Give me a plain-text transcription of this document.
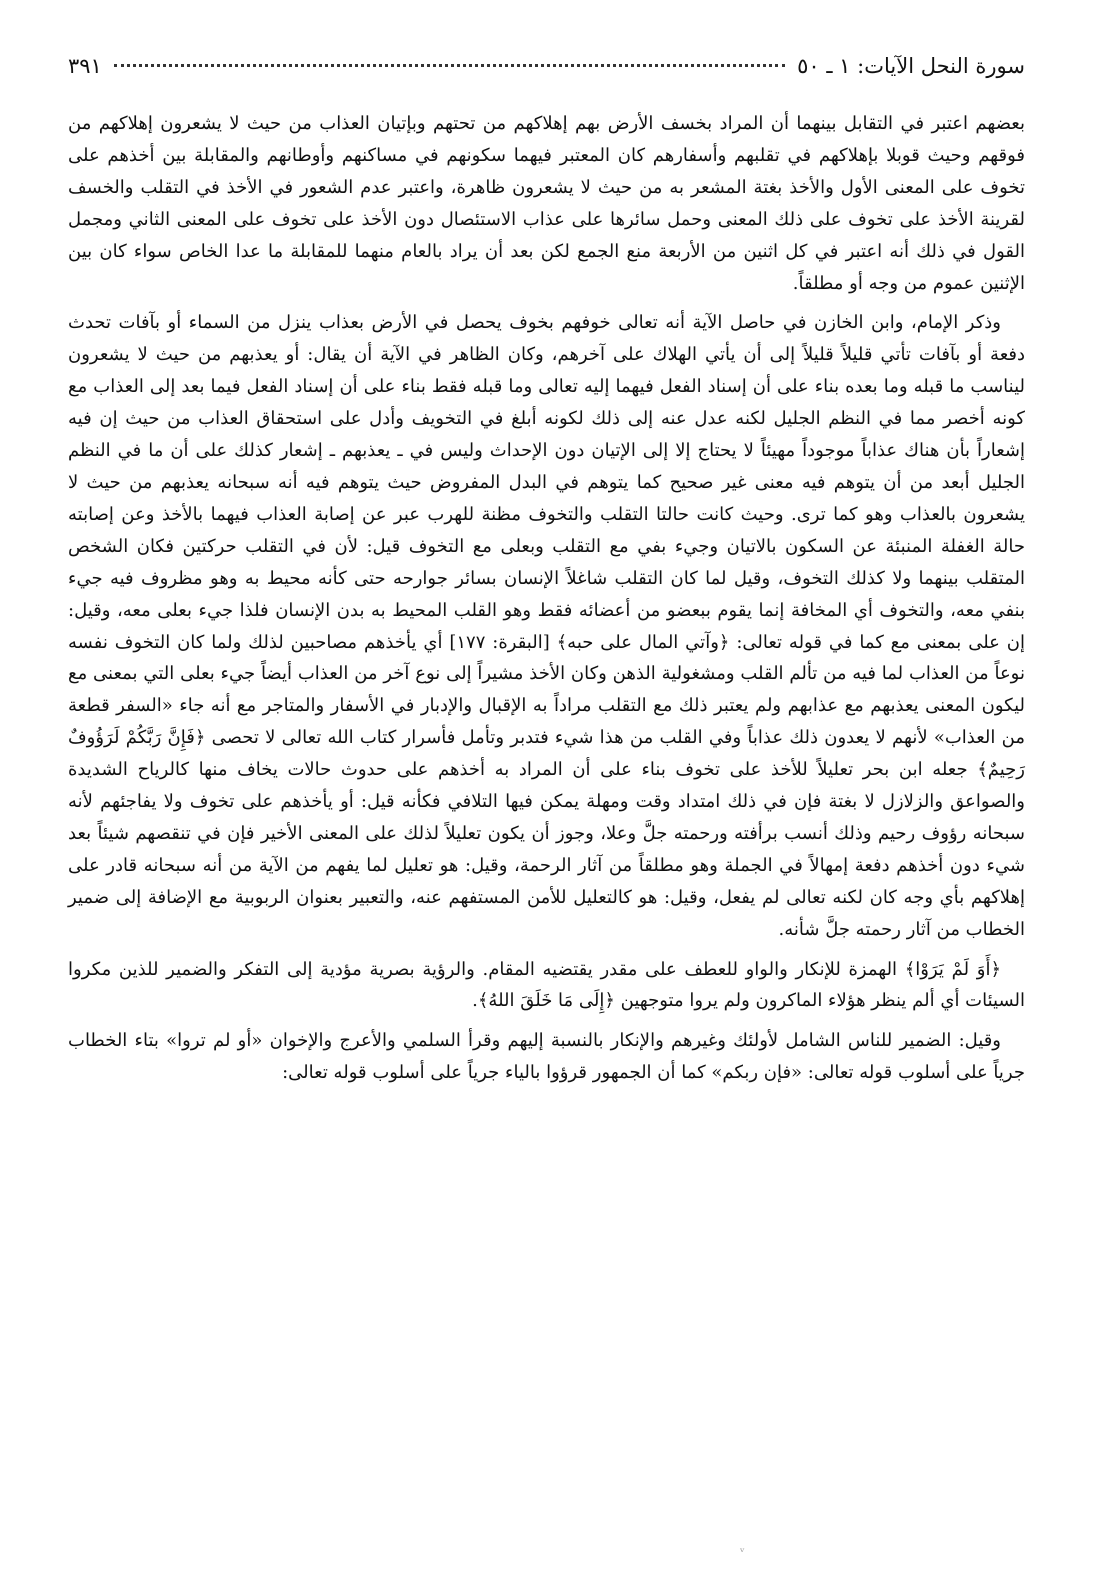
سورة النحل الآيات: ١ ـ ٥٠
٣٩١

بعضهم اعتبر في التقابل بينهما أن المراد بخسف الأرض بهم إهلاكهم من تحتهم وبإتيان العذاب من حيث لا يشعرون إهلاكهم من فوقهم وحيث قوبلا بإهلاكهم في تقلبهم وأسفارهم كان المعتبر فيهما سكونهم في مساكنهم وأوطانهم والمقابلة بين أخذهم على تخوف على المعنى الأول والأخذ بغتة المشعر به من حيث لا يشعرون ظاهرة، واعتبر عدم الشعور في الأخذ في التقلب والخسف لقرينة الأخذ على تخوف على ذلك المعنى وحمل سائرها على عذاب الاستئصال دون الأخذ على تخوف على المعنى الثاني ومجمل القول في ذلك أنه اعتبر في كل اثنين من الأربعة منع الجمع لكن بعد أن يراد بالعام منهما للمقابلة ما عدا الخاص سواء كان بين الإثنين عموم من وجه أو مطلقاً.

وذكر الإمام، وابن الخازن في حاصل الآية أنه تعالى خوفهم بخوف يحصل في الأرض بعذاب ينزل من السماء أو بآفات تحدث دفعة أو بآفات تأتي قليلاً قليلاً إلى أن يأتي الهلاك على آخرهم، وكان الظاهر في الآية أن يقال: أو يعذبهم من حيث لا يشعرون ليناسب ما قبله وما بعده بناء على أن إسناد الفعل فيهما إليه تعالى وما قبله فقط بناء على أن إسناد الفعل فيما بعد إلى العذاب مع كونه أخصر مما في النظم الجليل لكنه عدل عنه إلى ذلك لكونه أبلغ في التخويف وأدل على استحقاق العذاب من حيث إن فيه إشعاراً بأن هناك عذاباً موجوداً مهيئاً لا يحتاج إلا إلى الإتيان دون الإحداث وليس في ـ يعذبهم ـ إشعار كذلك على أن ما في النظم الجليل أبعد من أن يتوهم فيه معنى غير صحيح كما يتوهم في البدل المفروض حيث يتوهم فيه أنه سبحانه يعذبهم من حيث لا يشعرون بالعذاب وهو كما ترى. وحيث كانت حالتا التقلب والتخوف مظنة للهرب عبر عن إصابة العذاب فيهما بالأخذ وعن إصابته حالة الغفلة المنبئة عن السكون بالاتيان وجيء بفي مع التقلب وبعلى مع التخوف قيل: لأن في التقلب حركتين فكان الشخص المتقلب بينهما ولا كذلك التخوف، وقيل لما كان التقلب شاغلاً الإنسان بسائر جوارحه حتى كأنه محيط به وهو مظروف فيه جيء بنفي معه، والتخوف أي المخافة إنما يقوم ببعضو من أعضائه فقط وهو القلب المحيط به بدن الإنسان فلذا جيء بعلى معه، وقيل: إن على بمعنى مع كما في قوله تعالى: ﴿وآتي المال على حبه﴾ [البقرة: ١٧٧] أي يأخذهم مصاحبين لذلك ولما كان التخوف نفسه نوعاً من العذاب لما فيه من تألم القلب ومشغولية الذهن وكان الأخذ مشيراً إلى نوع آخر من العذاب أيضاً جيء بعلى التي بمعنى مع ليكون المعنى يعذبهم مع عذابهم ولم يعتبر ذلك مع التقلب مراداً به الإقبال والإدبار في الأسفار والمتاجر مع أنه جاء «السفر قطعة من العذاب» لأنهم لا يعدون ذلك عذاباً وفي القلب من هذا شيء فتدبر وتأمل فأسرار كتاب الله تعالى لا تحصى ﴿فَإِنَّ رَبَّكُمْ لَرَؤُوفٌ رَحِيمٌ﴾ جعله ابن بحر تعليلاً للأخذ على تخوف بناء على أن المراد به أخذهم على حدوث حالات يخاف منها كالرياح الشديدة والصواعق والزلازل لا بغتة فإن في ذلك امتداد وقت ومهلة يمكن فيها التلافي فكأنه قيل: أو يأخذهم على تخوف ولا يفاجئهم لأنه سبحانه رؤوف رحيم وذلك أنسب برأفته ورحمته جلَّ وعلا، وجوز أن يكون تعليلاً لذلك على المعنى الأخير فإن في تنقصهم شيئاً بعد شيء دون أخذهم دفعة إمهالاً في الجملة وهو مطلقاً من آثار الرحمة، وقيل: هو تعليل لما يفهم من الآية من أنه سبحانه قادر على إهلاكهم بأي وجه كان لكنه تعالى لم يفعل، وقيل: هو كالتعليل للأمن المستفهم عنه، والتعبير بعنوان الربوبية مع الإضافة إلى ضمير الخطاب من آثار رحمته جلَّ شأنه.

﴿أَوَ لَمْ يَرَوْا﴾ الهمزة للإنكار والواو للعطف على مقدر يقتضيه المقام. والرؤية بصرية مؤدية إلى التفكر والضمير للذين مكروا السيئات أي ألم ينظر هؤلاء الماكرون ولم يروا متوجهين ﴿إِلَى مَا خَلَقَ اللهُ﴾.

وقيل: الضمير للناس الشامل لأولئك وغيرهم والإنكار بالنسبة إليهم وقرأ السلمي والأعرج والإخوان «أو لم تروا» بتاء الخطاب جرياً على أسلوب قوله تعالى: «فإن ربكم» كما أن الجمهور قرؤوا بالياء جرياً على أسلوب قوله تعالى:

ᵛ
